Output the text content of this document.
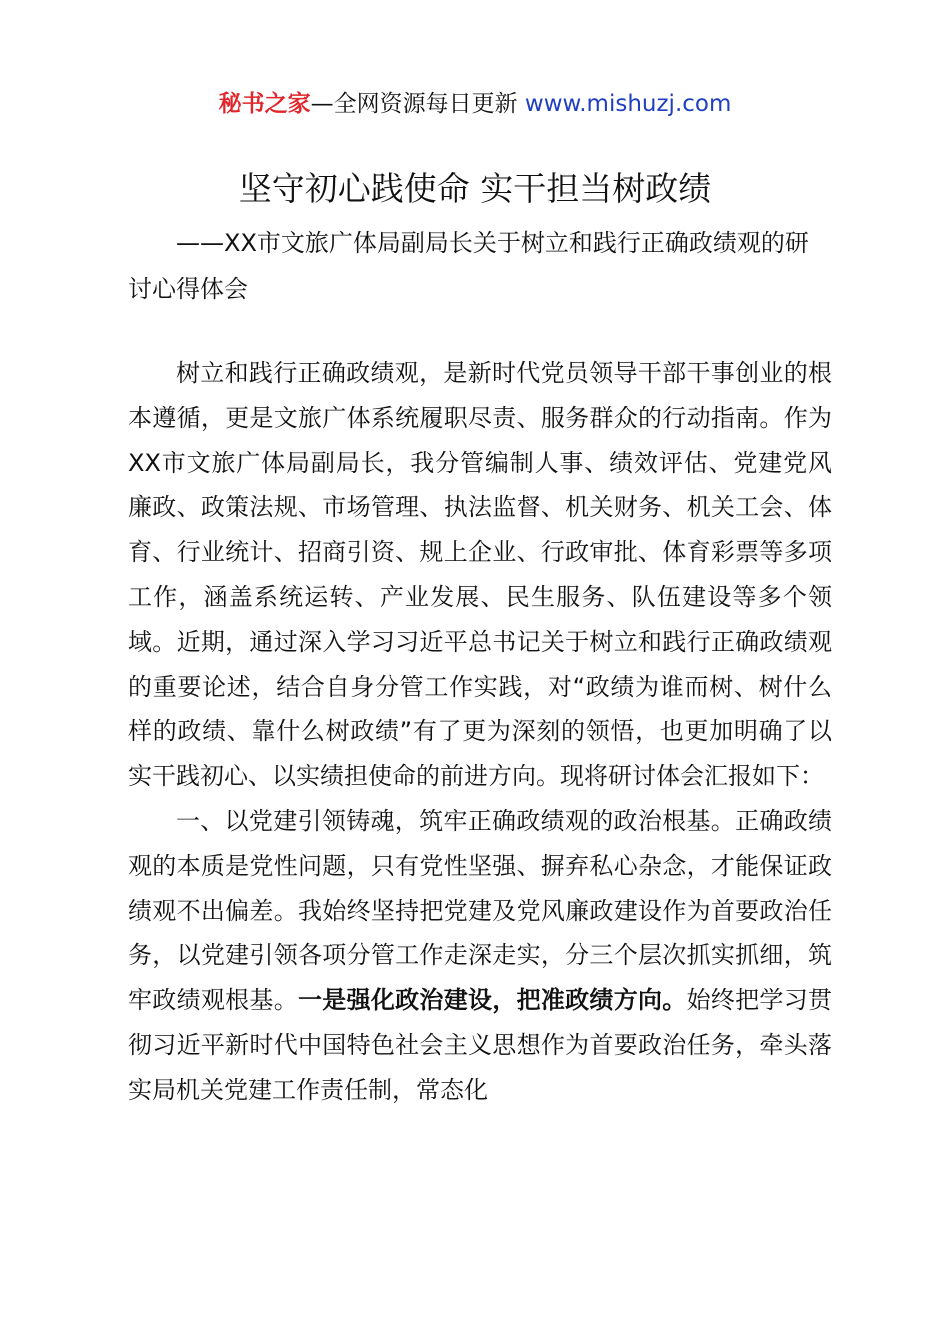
秘书之家—全网资源每日更新 www.mishuzj.com
坚守初心践使命 实干担当树政绩

——XX市文旅广体局副局长关于树立和践行正确政绩观的研讨心得体会

树立和践行正确政绩观，是新时代党员领导干部干事创业的根本遵循，更是文旅广体系统履职尽责、服务群众的行动指南。作为XX市文旅广体局副局长，我分管编制人事、绩效评估、党建党风廉政、政策法规、市场管理、执法监督、机关财务、机关工会、体育、行业统计、招商引资、规上企业、行政审批、体育彩票等多项工作，涵盖系统运转、产业发展、民生服务、队伍建设等多个领域。近期，通过深入学习习近平总书记关于树立和践行正确政绩观的重要论述，结合自身分管工作实践，对“政绩为谁而树、树什么样的政绩、靠什么树政绩”有了更为深刻的领悟，也更加明确了以实干践初心、以实绩担使命的前进方向。现将研讨体会汇报如下：

一、以党建引领铸魂，筑牢正确政绩观的政治根基。正确政绩观的本质是党性问题，只有党性坚强、摒弃私心杂念，才能保证政绩观不出偏差。我始终坚持把党建及党风廉政建设作为首要政治任务，以党建引领各项分管工作走深走实，分三个层次抓实抓细，筑牢政绩观根基。一是强化政治建设，把准政绩方向。始终把学习贯彻习近平新时代中国特色社会主义思想作为首要政治任务，牵头落实局机关党建工作责任制，常态化
